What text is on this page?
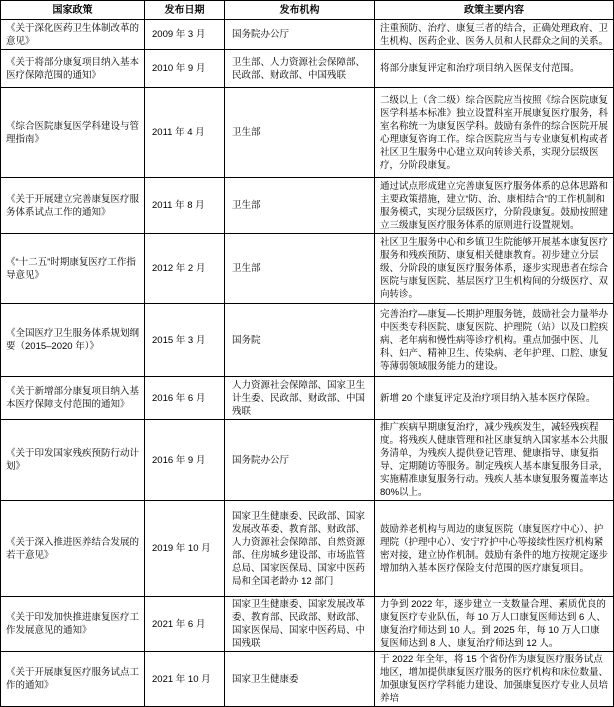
国家政策	发布日期	发布机构	政策主要内容
《关于深化医药卫生体制改革的意见》	2009 年 3 月	国务院办公厅	注重预防、治疗、康复三者的结合，正确处理政府、卫生机构、医药企业、医务人员和人民群众之间的关系。
《关于将部分康复项目纳入基本医疗保障范围的通知》	2010 年 9 月	卫生部、人力资源社会保障部、民政部、财政部、中国残联	将部分康复评定和治疗项目纳入医保支付范围。
《综合医院康复医学科建设与管理指南》	2011 年 4 月	卫生部	二级以上（含二级）综合医院应当按照《综合医院康复医学科基本标准》独立设置科室开展康复医疗服务，科室名称统一为康复医学科。鼓励有条件的综合医院开展心理康复咨询工作。综合医院应当与专业康复机构或者社区卫生服务中心建立双向转诊关系，实现分层级医疗，分阶段康复。
《关于开展建立完善康复医疗服务体系试点工作的通知》	2011 年 8 月	卫生部	通过试点形成建立完善康复医疗服务体系的总体思路和主要政策措施，建立“防、治、康相结合”的工作机制和服务模式，实现分层级医疗，分阶段康复。鼓励按照建立三级康复医疗服务体系的原则进行设置规划。
《“十二五”时期康复医疗工作指导意见》	2012 年 2 月	卫生部	社区卫生服务中心和乡镇卫生院能够开展基本康复医疗服务和残疾预防、康复相关健康教育。初步建立分层级、分阶段的康复医疗服务体系，逐步实现患者在综合医院与康复医院、基层医疗卫生机构间的分级医疗、双向转诊。
《全国医疗卫生服务体系规划纲要（2015–2020 年）》	2015 年 3 月	国务院	完善治疗—康复—长期护理服务链，鼓励社会力量举办中医类专科医院、康复医院、护理院（站）以及口腔疾病、老年病和慢性病等诊疗机构。重点加强中医、儿科、妇产、精神卫生、传染病、老年护理、口腔、康复等薄弱领域服务能力的建设。
《关于新增部分康复项目纳入基本医疗保障支付范围的通知》	2016 年 6 月	人力资源社会保障部、国家卫生计生委、民政部、财政部、中国残联	新增 20 个康复评定及治疗项目纳入基本医疗保险。
《关于印发国家残疾预防行动计划》	2016 年 9 月	国务院办公厅	推广疾病早期康复治疗，减少残疾发生，减轻残疾程度。将残疾人健康管理和社区康复纳入国家基本公共服务清单，为残疾人提供登记管理、健康指导、康复指导、定期随访等服务。制定残疾人基本康复服务目录，实施精准康复服务行动。残疾人基本康复服务覆盖率达 80%以上。
《关于深入推进医养结合发展的若干意见》	2019 年 10 月	国家卫生健康委、民政部、国家发展改革委、教育部、财政部、人力资源社会保障部、自然资源部、住房城乡建设部、市场监管总局、国家医保局、国家中医药局和全国老龄办 12 部门	鼓励养老机构与周边的康复医院（康复医疗中心）、护理院（护理中心）、安宁疗护中心等接续性医疗机构紧密对接，建立协作机制。鼓励有条件的地方按规定逐步增加纳入基本医疗保险支付范围的医疗康复项目。
《关于印发加快推进康复医疗工作发展意见的通知》	2021 年 6 月	国家卫生健康委、国家发展改革委、教育部、民政部、财政部、国家医保局、国家中医药局、中国残联	力争到 2022 年，逐步建立一支数量合理、素质优良的康复医疗专业队伍，每 10 万人口康复医师达到 6 人、康复治疗师达到 10 人。到 2025 年，每 10 万人口康复医师达到 8 人、康复治疗师达到 12 人。
《关于开展康复医疗服务试点工作的通知》	2021 年 10 月	国家卫生健康委	于 2022 年全年，将 15 个省份作为康复医疗服务试点地区，增加提供康复医疗服务的医疗机构和床位数量、加强康复医疗学科能力建设、加强康复医疗专业人员培养培
